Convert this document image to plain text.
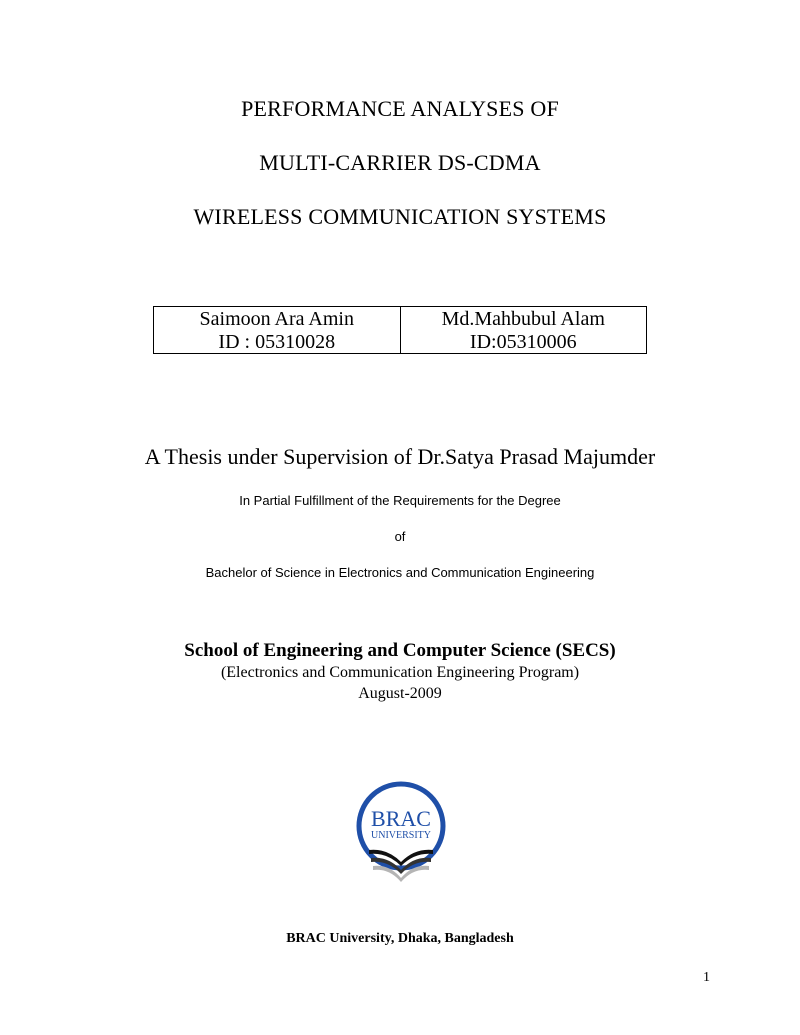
PERFORMANCE ANALYSES OF
MULTI-CARRIER DS-CDMA
WIRELESS COMMUNICATION SYSTEMS
Saimoon Ara Amin
ID : 05310028
Md.Mahbubul Alam
ID:05310006
A Thesis under Supervision of Dr.Satya Prasad Majumder
In Partial Fulfillment of the Requirements for the Degree
of
Bachelor of Science in Electronics and Communication Engineering
School of Engineering and Computer Science (SECS)
(Electronics and Communication Engineering Program)
August-2009
BRAC
UNIVERSITY
BRAC University, Dhaka, Bangladesh
1
